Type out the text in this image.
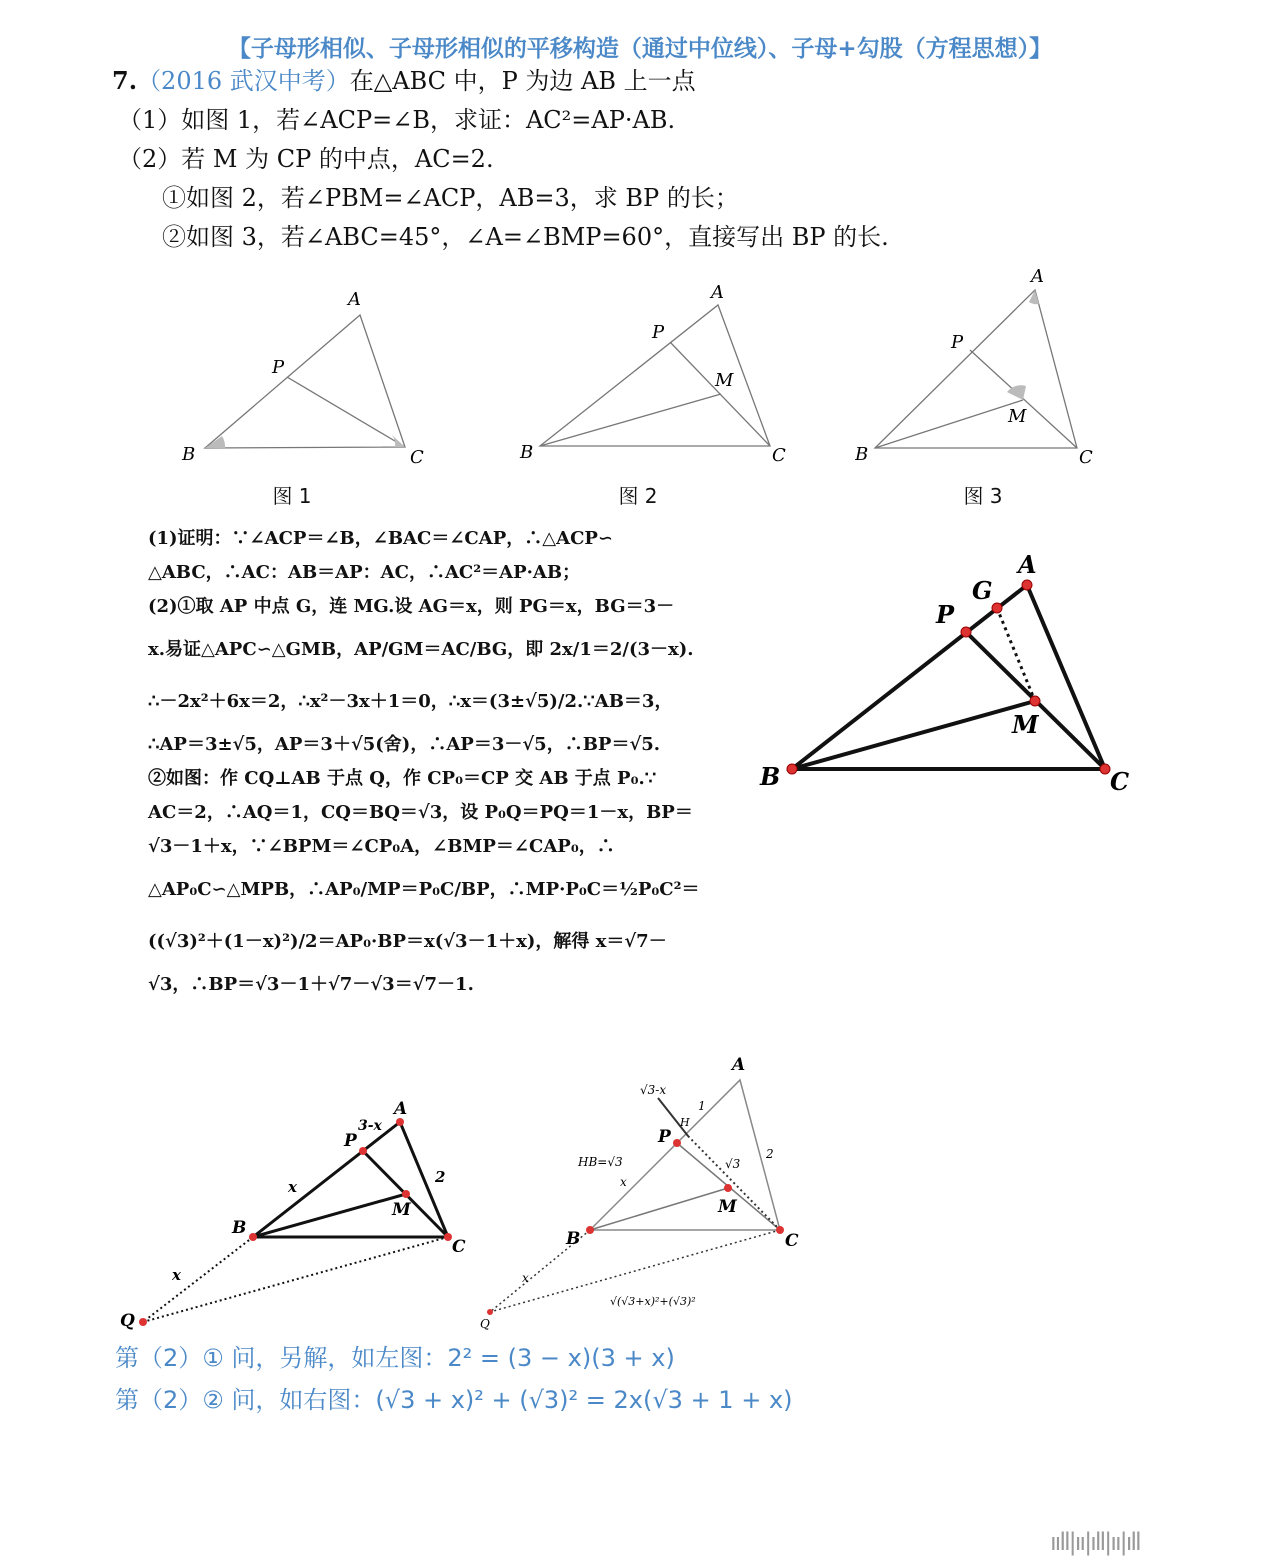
【子母形相似、子母形相似的平移构造（通过中位线）、子母+勾股（方程思想）】
7.（2016 武汉中考）在△ABC 中，P 为边 AB 上一点
（1）如图 1，若∠ACP=∠B，求证：AC²=AP·AB.
（2）若 M 为 CP 的中点，AC=2.
①如图 2，若∠PBM=∠ACP，AB=3，求 BP 的长；
②如图 3，若∠ABC=45°，∠A=∠BMP=60°，直接写出 BP 的长.
A
P
B	C
图 1
A
P
M
B	C
图 2
A
P
M
B	C
图 3
(1)证明：∵∠ACP＝∠B，∠BAC＝∠CAP，∴△ACP∽
△ABC，∴AC：AB＝AP：AC，∴AC²＝AP·AB；
(2)①取 AP 中点 G，连 MG.设 AG＝x，则 PG＝x，BG＝3－
x.易证△APC∽△GMB，AP/GM＝AC/BG，即 2x/1＝2/(3－x).
∴－2x²＋6x＝2，∴x²－3x＋1＝0，∴x＝(3±√5)/2.∵AB＝3，
∴AP＝3±√5，AP＝3＋√5(舍)，∴AP＝3－√5，∴BP＝√5.
②如图：作 CQ⊥AB 于点 Q，作 CP₀＝CP 交 AB 于点 P₀.∵
AC＝2，∴AQ＝1，CQ＝BQ＝√3，设 P₀Q＝PQ＝1－x，BP＝
√3－1＋x，∵∠BPM＝∠CP₀A，∠BMP＝∠CAP₀，∴
△AP₀C∽△MPB，∴AP₀/MP＝P₀C/BP，∴MP·P₀C＝½P₀C²＝
((√3)²＋(1－x)²)/2＝AP₀·BP＝x(√3－1＋x)，解得 x＝√7－
√3，∴BP＝√3－1＋√7－√3＝√7－1.
A
G
P
M
B	C
A
P
3-x
M
2
x
B
C
x
Q
A
√3-x
1
H
P
2
√3
HB=√3
x
M
B	C
x
√(√3+x)²+(√3)²
Q
第（2）① 问，另解，如左图：2² = (3 − x)(3 + x)
第（2）② 问，如右图：(√3 + x)² + (√3)² = 2x(√3 + 1 + x)
ııll|ıı|ıll|ıı|ıll
